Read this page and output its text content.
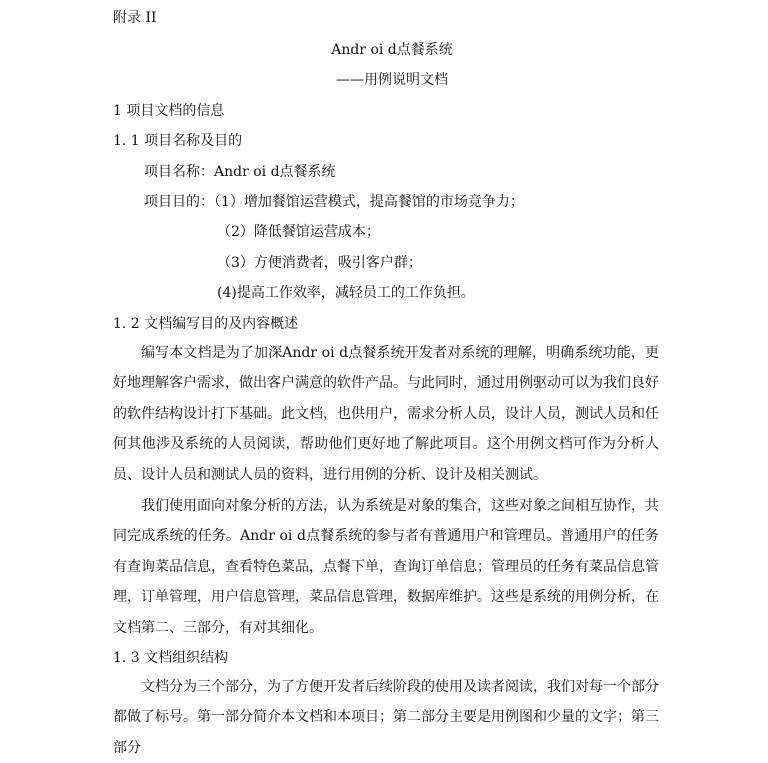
附录 II
Andr oi d点餐系统
——用例说明文档
1 项目文档的信息
1. 1 项目名称及目的
项目名称：Andr oi d点餐系统
项目目的：（1）增加餐馆运营模式，提高餐馆的市场竞争力；
（2）降低餐馆运营成本；
（3）方便消费者，吸引客户群；
(4)提高工作效率，减轻员工的工作负担。
1. 2 文档编写目的及内容概述

编写本文档是为了加深Andr oi d点餐系统开发者对系统的理解，明确系统功能，更好地理解客户需求，做出客户满意的软件产品。与此同时，通过用例驱动可以为我们良好的软件结构设计打下基础。此文档，也供用户，需求分析人员，设计人员，测试人员和任何其他涉及系统的人员阅读，帮助他们更好地了解此项目。这个用例文档可作为分析人员、设计人员和测试人员的资料，进行用例的分析、设计及相关测试。

我们使用面向对象分析的方法，认为系统是对象的集合，这些对象之间相互协作，共同完成系统的任务。Andr oi d点餐系统的参与者有普通用户和管理员。普通用户的任务有查询菜品信息，查看特色菜品，点餐下单，查询订单信息；管理员的任务有菜品信息管理，订单管理，用户信息管理，菜品信息管理，数据库维护。这些是系统的用例分析，在文档第二、三部分，有对其细化。

1. 3 文档组织结构

文档分为三个部分，为了方便开发者后续阶段的使用及读者阅读，我们对每一个部分都做了标号。第一部分简介本文档和本项目；第二部分主要是用例图和少量的文字；第三部分
